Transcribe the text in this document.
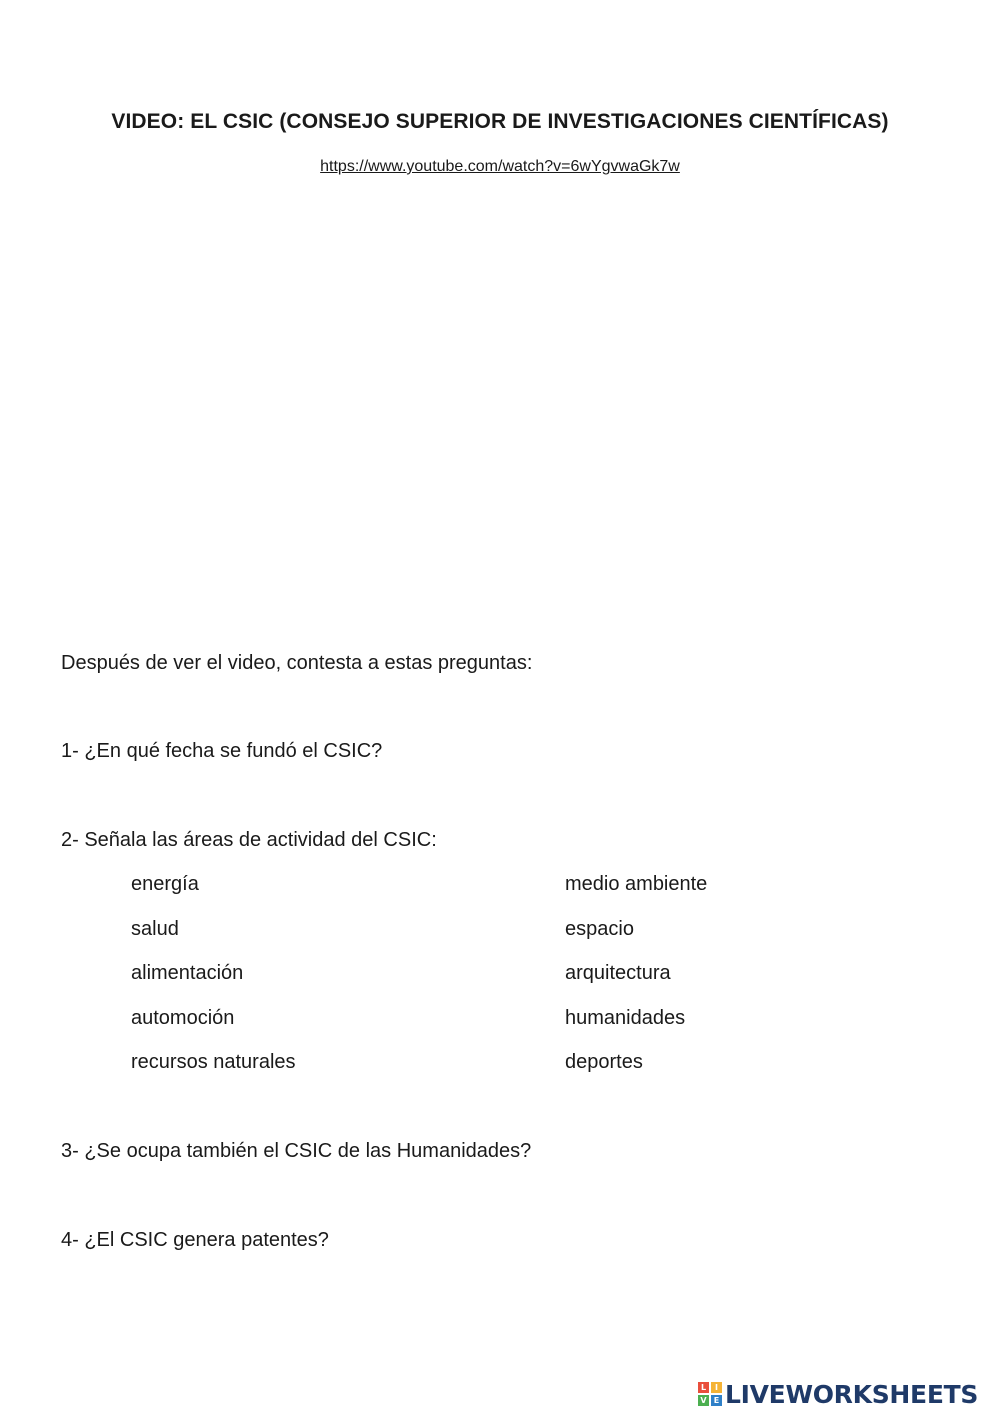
VIDEO: EL CSIC (CONSEJO SUPERIOR DE INVESTIGACIONES CIENTÍFICAS)
https://www.youtube.com/watch?v=6wYgvwaGk7w
Después de ver el video, contesta a estas preguntas:
1- ¿En qué fecha se fundó el CSIC?
2- Señala las áreas de actividad del CSIC:
energía	medio ambiente
salud	espacio
alimentación	arquitectura
automoción	humanidades
recursos naturales	deportes
3- ¿Se ocupa también el CSIC de las Humanidades?
4- ¿El CSIC genera patentes?
L	I
V E LIVEWORKSHEETS
